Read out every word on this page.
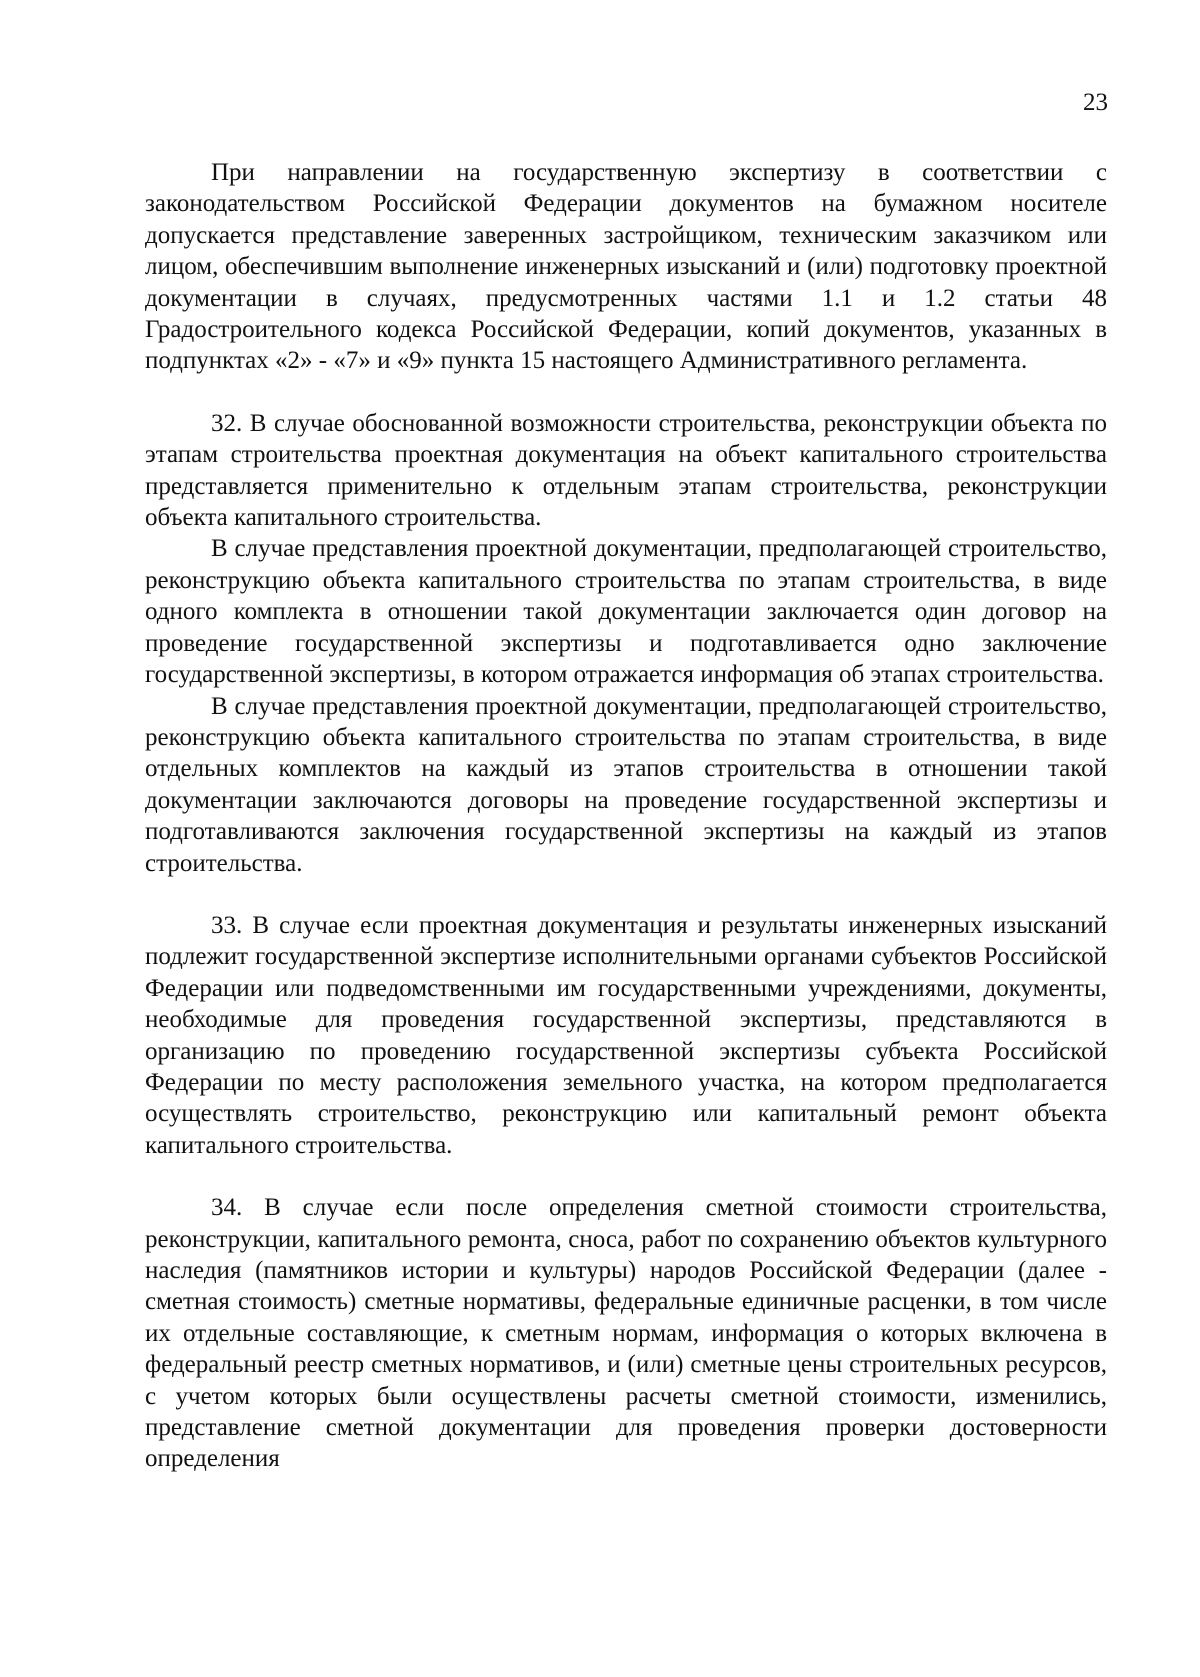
23

При направлении на государственную экспертизу в соответствии с законодательством Российской Федерации документов на бумажном носителе допускается представление заверенных застройщиком, техническим заказчиком или лицом, обеспечившим выполнение инженерных изысканий и (или) подготовку проектной документации в случаях, предусмотренных частями 1.1 и 1.2 статьи 48 Градостроительного кодекса Российской Федерации, копий документов, указанных в подпунктах «2» - «7» и «9» пункта 15 настоящего Административного регламента.

32. В случае обоснованной возможности строительства, реконструкции объекта по этапам строительства проектная документация на объект капитального строительства представляется применительно к отдельным этапам строительства, реконструкции объекта капитального строительства.

В случае представления проектной документации, предполагающей строительство, реконструкцию объекта капитального строительства по этапам строительства, в виде одного комплекта в отношении такой документации заключается один договор на проведение государственной экспертизы и подготавливается одно заключение государственной экспертизы, в котором отражается информация об этапах строительства.

В случае представления проектной документации, предполагающей строительство, реконструкцию объекта капитального строительства по этапам строительства, в виде отдельных комплектов на каждый из этапов строительства в отношении такой документации заключаются договоры на проведение государственной экспертизы и подготавливаются заключения государственной экспертизы на каждый из этапов строительства.

33. В случае если проектная документация и результаты инженерных изысканий подлежит государственной экспертизе исполнительными органами субъектов Российской Федерации или подведомственными им государственными учреждениями, документы, необходимые для проведения государственной экспертизы, представляются в организацию по проведению государственной экспертизы субъекта Российской Федерации по месту расположения земельного участка, на котором предполагается осуществлять строительство, реконструкцию или капитальный ремонт объекта капитального строительства.

34. В случае если после определения сметной стоимости строительства, реконструкции, капитального ремонта, сноса, работ по сохранению объектов культурного наследия (памятников истории и культуры) народов Российской Федерации (далее - сметная стоимость) сметные нормативы, федеральные единичные расценки, в том числе их отдельные составляющие, к сметным нормам, информация о которых включена в федеральный реестр сметных нормативов, и (или) сметные цены строительных ресурсов, с учетом которых были осуществлены расчеты сметной стоимости, изменились, представление сметной документации для проведения проверки достоверности определения
